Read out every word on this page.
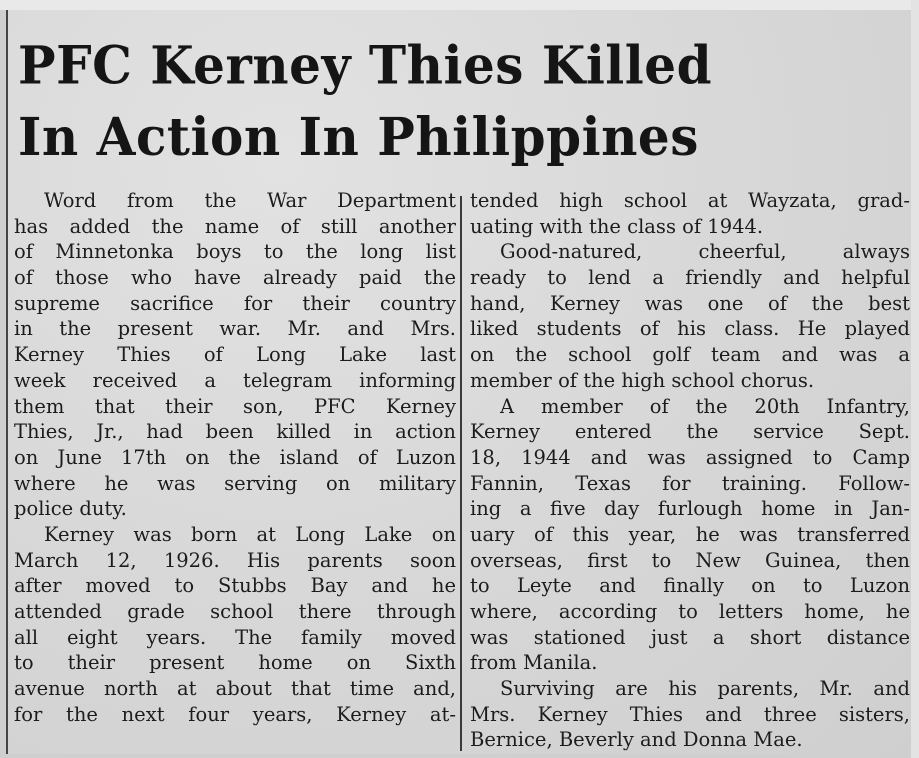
PFC Kerney Thies Killed
In Action In Philippines
Word from the War Department
has added the name of still another
of Minnetonka boys to the long list
of those who have already paid the
supreme sacrifice for their country
in the present war. Mr. and Mrs.
Kerney Thies of Long Lake last
week received a telegram informing
them that their son, PFC Kerney
Thies, Jr., had been killed in action
on June 17th on the island of Luzon
where he was serving on military
police duty.
Kerney was born at Long Lake on
March 12, 1926. His parents soon
after moved to Stubbs Bay and he
attended grade school there through
all eight years. The family moved
to their present home on Sixth
avenue north at about that time and,
for the next four years, Kerney at-
tended high school at Wayzata, grad-
uating with the class of 1944.
Good-natured, cheerful, always
ready to lend a friendly and helpful
hand, Kerney was one of the best
liked students of his class. He played
on the school golf team and was a
member of the high school chorus.
A member of the 20th Infantry,
Kerney entered the service Sept.
18, 1944 and was assigned to Camp
Fannin, Texas for training. Follow-
ing a five day furlough home in Jan-
uary of this year, he was transferred
overseas, first to New Guinea, then
to Leyte and finally on to Luzon
where, according to letters home, he
was stationed just a short distance
from Manila.
Surviving are his parents, Mr. and
Mrs. Kerney Thies and three sisters,
Bernice, Beverly and Donna Mae.
